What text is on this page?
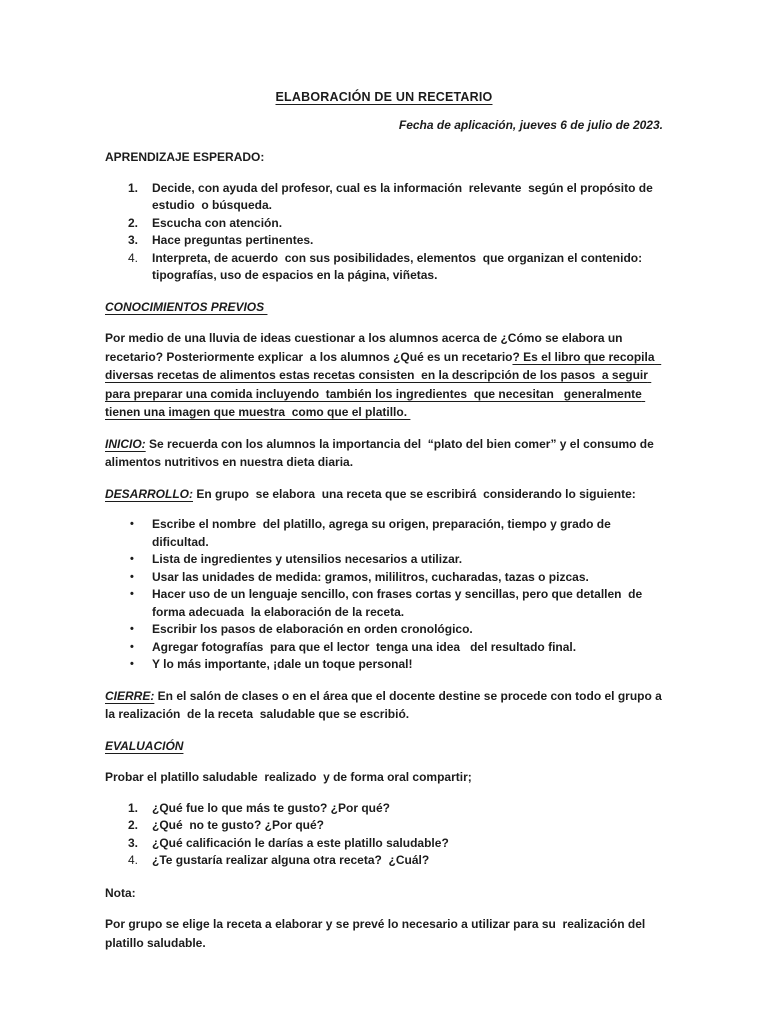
ELABORACIÓN DE UN RECETARIO

Fecha de aplicación, jueves 6 de julio de 2023.

APRENDIZAJE ESPERADO:

1.	Decide, con ayuda del profesor, cual es la información  relevante  según el propósito de estudio  o búsqueda.
2.	Escucha con atención.
3.	Hace preguntas pertinentes.
4.	Interpreta, de acuerdo  con sus posibilidades, elementos  que organizan el contenido: tipografías, uso de espacios en la página, viñetas.

CONOCIMIENTOS PREVIOS

Por medio de una lluvia de ideas cuestionar a los alumnos acerca de ¿Cómo se elabora un recetario? Posteriormente explicar  a los alumnos ¿Qué es un recetario? Es el libro que recopila  diversas recetas de alimentos estas recetas consisten  en la descripción de los pasos  a seguir para preparar una comida incluyendo  también los ingredientes  que necesitan   generalmente tienen una imagen que muestra  como que el platillo.

INICIO: Se recuerda con los alumnos la importancia del  “plato del bien comer” y el consumo de alimentos nutritivos en nuestra dieta diaria.

DESARROLLO: En grupo  se elabora  una receta que se escribirá  considerando lo siguiente:

•	Escribe el nombre  del platillo, agrega su origen, preparación, tiempo y grado de dificultad.
•	Lista de ingredientes y utensilios necesarios a utilizar.
•	Usar las unidades de medida: gramos, mililitros, cucharadas, tazas o pizcas.
•	Hacer uso de un lenguaje sencillo, con frases cortas y sencillas, pero que detallen  de forma adecuada  la elaboración de la receta.
•	Escribir los pasos de elaboración en orden cronológico.
•	Agregar fotografías  para que el lector  tenga una idea   del resultado final.
•	Y lo más importante, ¡dale un toque personal!

CIERRE: En el salón de clases o en el área que el docente destine se procede con todo el grupo a la realización  de la receta  saludable que se escribió.

EVALUACIÓN

Probar el platillo saludable  realizado  y de forma oral compartir;

1.	¿Qué fue lo que más te gusto? ¿Por qué?
2.	¿Qué  no te gusto? ¿Por qué?
3.	¿Qué calificación le darías a este platillo saludable?
4.	¿Te gustaría realizar alguna otra receta?  ¿Cuál?

Nota:

Por grupo se elige la receta a elaborar y se prevé lo necesario a utilizar para su  realización del platillo saludable.
